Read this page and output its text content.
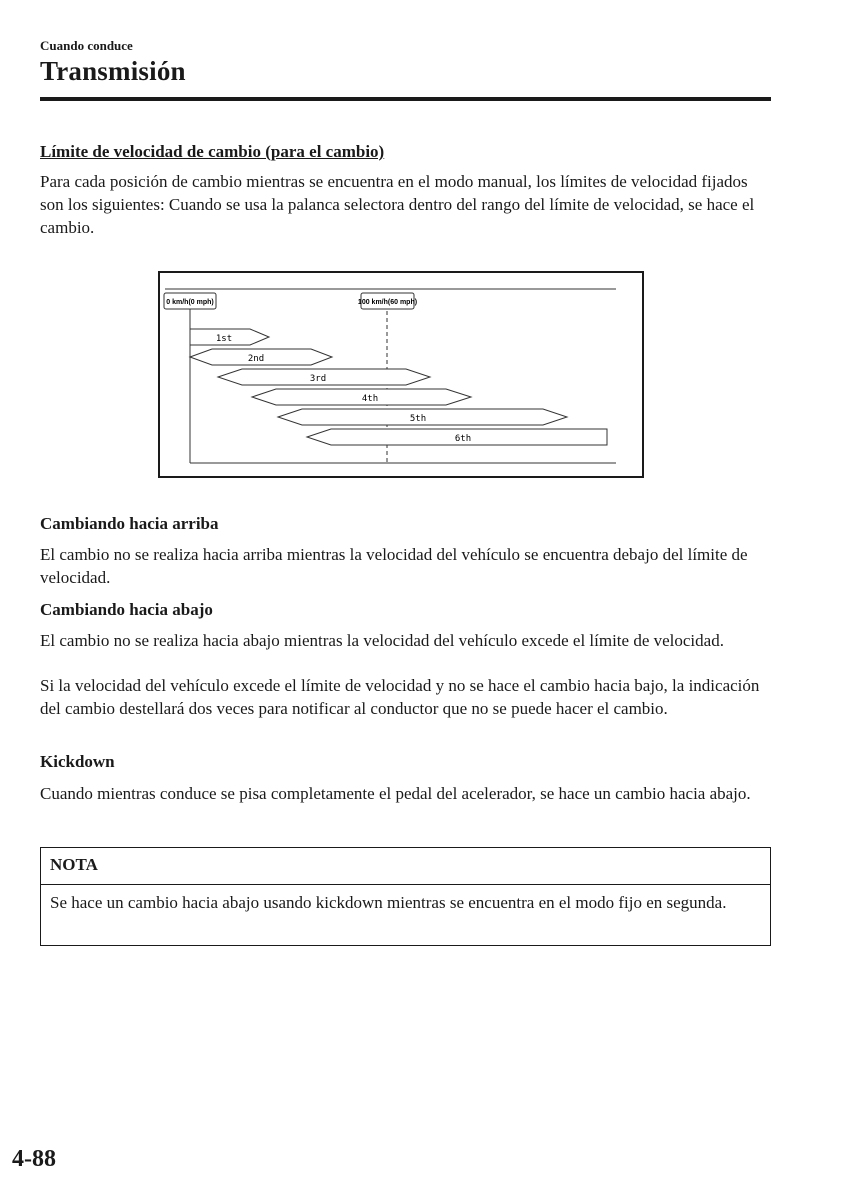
Cuando conduce
Transmisión
Límite de velocidad de cambio (para el cambio)

Para cada posición de cambio mientras se encuentra en el modo manual, los límites de velocidad fijados son los siguientes: Cuando se usa la palanca selectora dentro del rango del límite de velocidad, se hace el cambio.

0 km/h(0 mph)	100 km/h(60 mph)
1st
2nd
3rd
4th
5th
6th
Cambiando hacia arriba

El cambio no se realiza hacia arriba mientras la velocidad del vehículo se encuentra debajo del límite de velocidad.

Cambiando hacia abajo

El cambio no se realiza hacia abajo mientras la velocidad del vehículo excede el límite de velocidad.

Si la velocidad del vehículo excede el límite de velocidad y no se hace el cambio hacia bajo, la indicación del cambio destellará dos veces para notificar al conductor que no se puede hacer el cambio.

Kickdown

Cuando mientras conduce se pisa completamente el pedal del acelerador, se hace un cambio hacia abajo.

NOTA

Se hace un cambio hacia abajo usando kickdown mientras se encuentra en el modo fijo en segunda.

4-88
